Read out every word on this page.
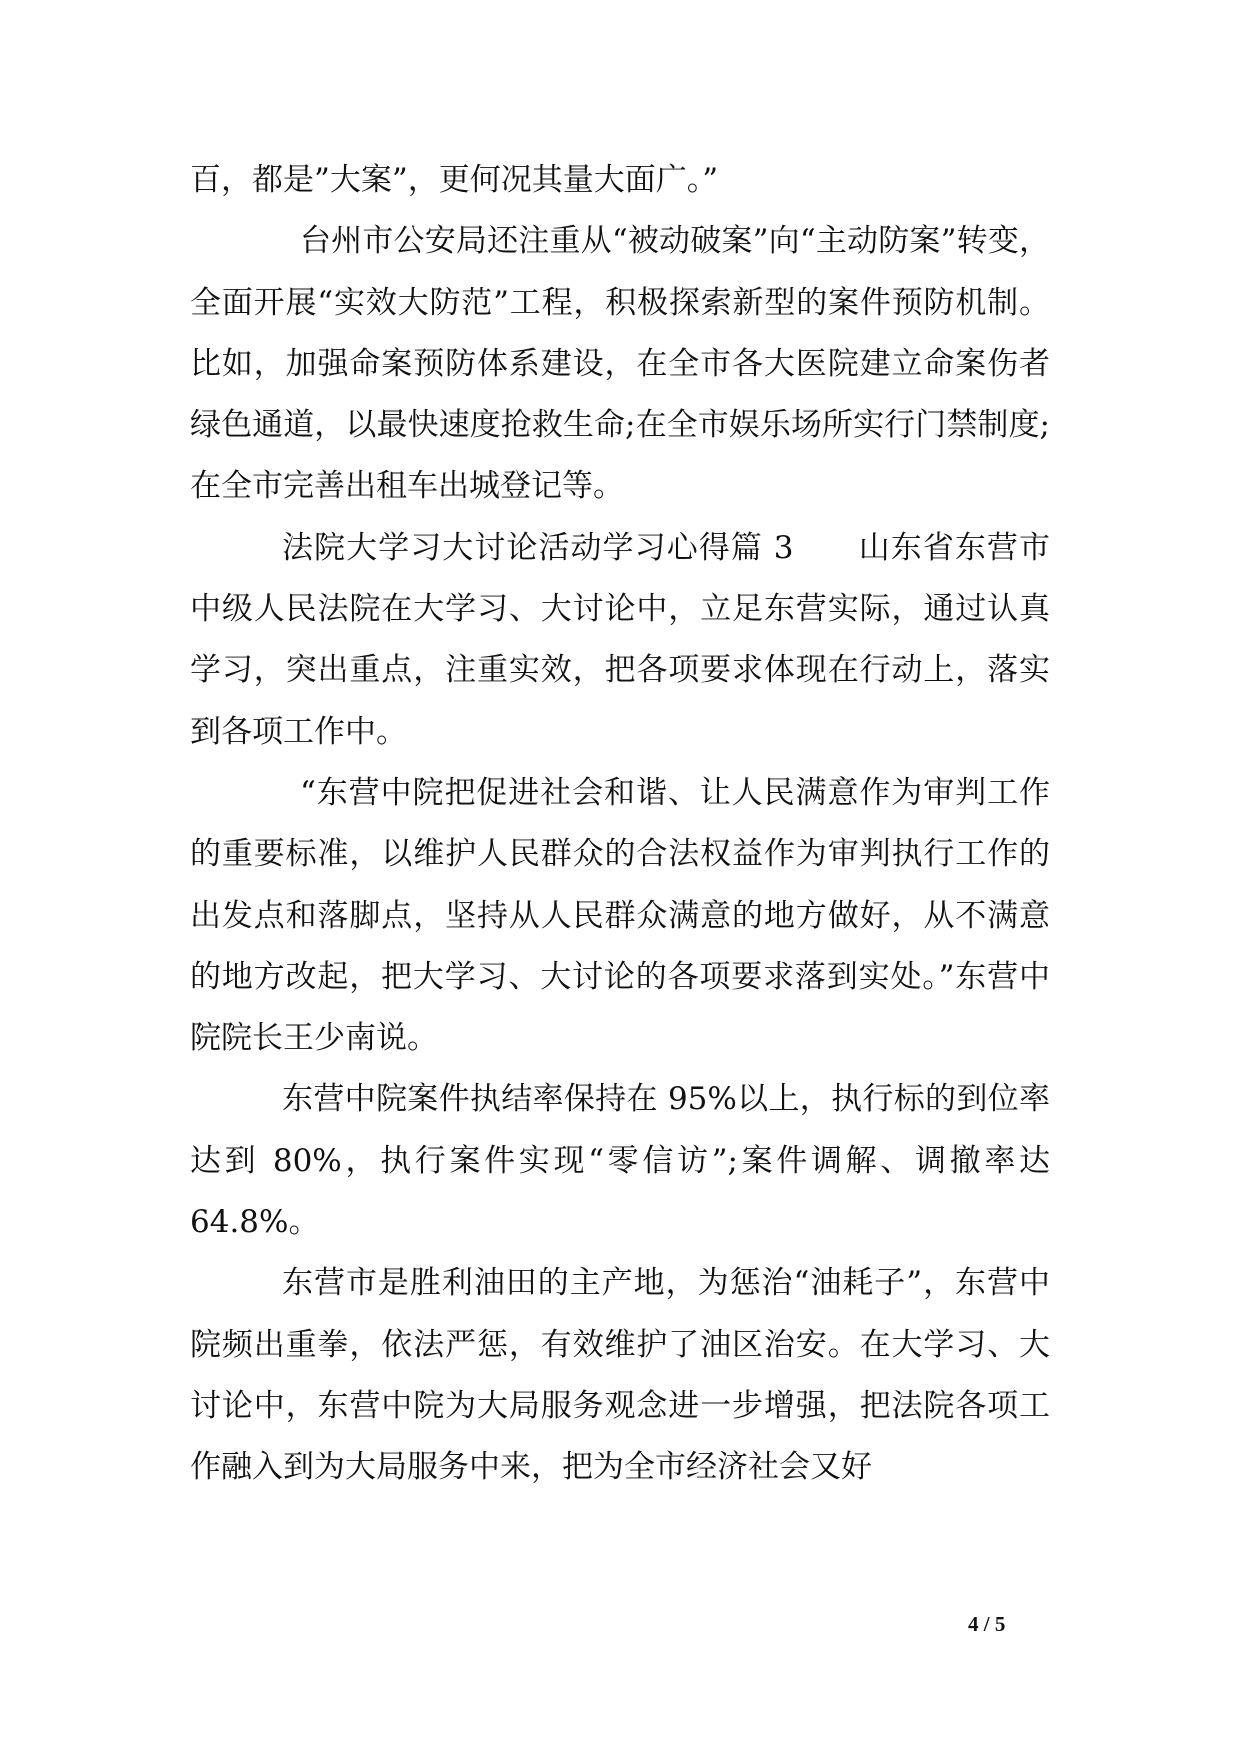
百，都是”大案”，更何况其量大面广。”

台州市公安局还注重从“被动破案”向“主动防案”转变，全面开展“实效大防范”工程，积极探索新型的案件预防机制。比如，加强命案预防体系建设，在全市各大医院建立命案伤者绿色通道，以最快速度抢救生命;在全市娱乐场所实行门禁制度;在全市完善出租车出城登记等。

法院大学习大讨论活动学习心得篇 3　　山东省东营市中级人民法院在大学习、大讨论中，立足东营实际，通过认真学习，突出重点，注重实效，把各项要求体现在行动上，落实到各项工作中。

“东营中院把促进社会和谐、让人民满意作为审判工作的重要标准，以维护人民群众的合法权益作为审判执行工作的出发点和落脚点，坚持从人民群众满意的地方做好，从不满意的地方改起，把大学习、大讨论的各项要求落到实处。”东营中院院长王少南说。

东营中院案件执结率保持在 95%以上，执行标的到位率达到 80%，执行案件实现“零信访”;案件调解、调撤率达 64.8%。

东营市是胜利油田的主产地，为惩治“油耗子”，东营中院频出重拳，依法严惩，有效维护了油区治安。在大学习、大讨论中，东营中院为大局服务观念进一步增强，把法院各项工作融入到为大局服务中来，把为全市经济社会又好

4 / 5
